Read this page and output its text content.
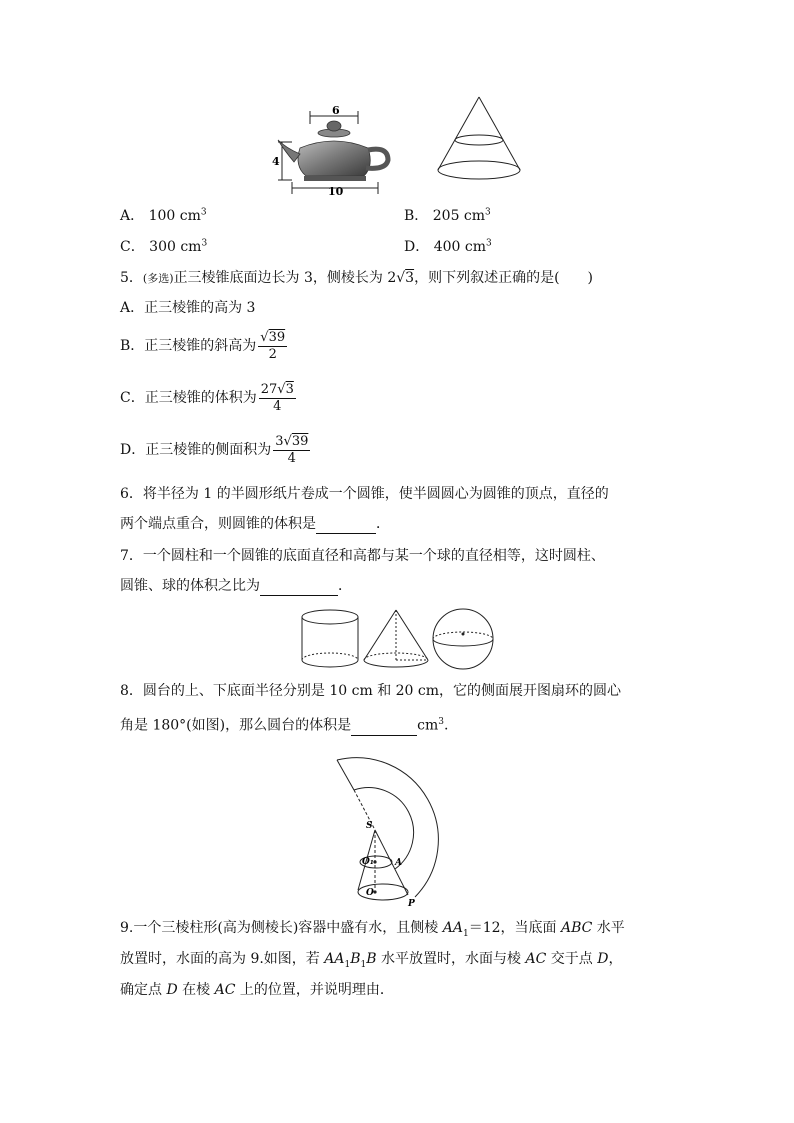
6
4
10
A． 100 $cm^3$	B． 205 $cm^3$
C． 300 $cm^3$	D． 400 $cm^3$
5．(多选)正三棱锥底面边长为 3，侧棱长为 2√3，则下列叙述正确的是(　　)
A．正三棱锥的高为 3
B．正三棱锥的斜高为 $\frac{√39}{2}$
C．正三棱锥的体积为 $\frac{27√3}{4}$
D．正三棱锥的侧面积为 $\frac{3√39}{4}$
6．将半径为 1 的半圆形纸片卷成一个圆锥，使半圆圆心为圆锥的顶点，直径的
两个端点重合，则圆锥的体积是	．
7．一个圆柱和一个圆锥的底面直径和高都与某一个球的直径相等，这时圆柱、
圆锥、球的体积之比为	．
8．圆台的上、下底面半径分别是 10 cm 和 20 cm，它的侧面展开图扇环的圆心
角是 180°(如图)，那么圆台的体积是	$cm^3$.
S
O₁ A
O
P
9.一个三棱柱形(高为侧棱长)容器中盛有水，且侧棱 $AA_1=12$，当底面 ABC 水平
放置时，水面的高为 9.如图，若 $AA_1B_1B$ 水平放置时，水面与棱 AC 交于点 D，
确定点 D 在棱 AC 上的位置，并说明理由．
